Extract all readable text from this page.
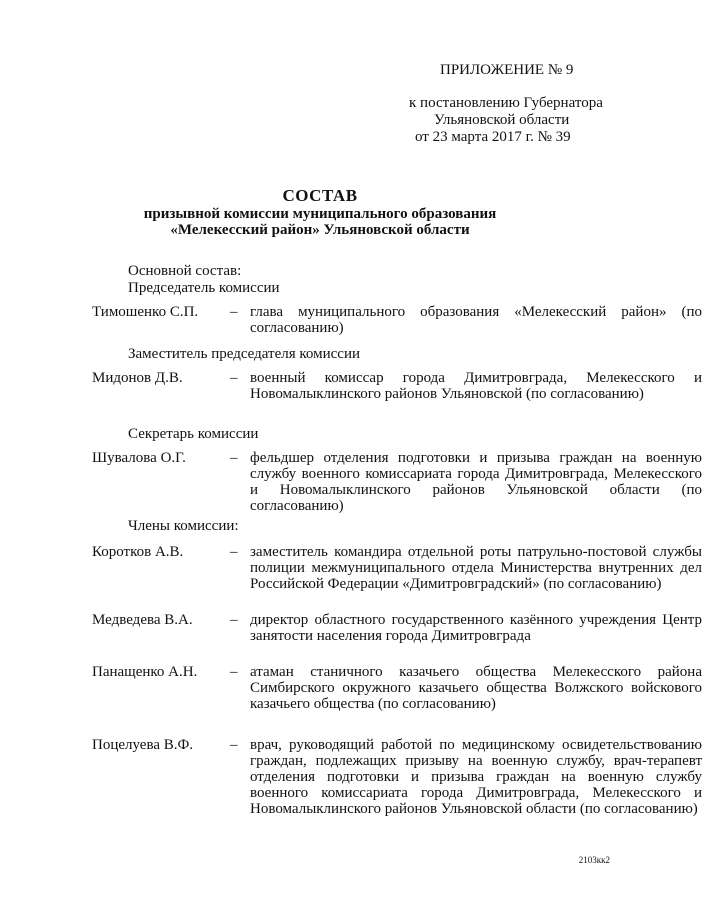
ПРИЛОЖЕНИЕ № 9
к постановлению Губернатора
Ульяновской области
от 23 марта 2017 г. № 39
СОСТАВ
призывной комиссии муниципального образования
«Мелекесский район» Ульяновской области
Основной состав:
Председатель комиссии
Тимошенко С.П. – глава муниципального образования «Мелекесский район» (по согласованию)
Заместитель председателя комиссии
Мидонов Д.В.	– военный комиссар города Димитровграда, Мелекесского и Новомалыклинского районов Ульяновской (по согласованию)
Секретарь комиссии
Шувалова О.Г.	– фельдшер отделения подготовки и призыва граждан на военную службу военного комиссариата города Димитровграда, Мелекесского и Новомалыклинского районов Ульяновской области (по согласованию)
Члены комиссии:
Коротков А.В.	– заместитель командира отдельной роты патрульно-постовой службы полиции межмуниципального отдела Министерства внутренних дел Российской Федерации «Димитровградский» (по согласованию)
Медведева В.А. – директор областного государственного казённого учреждения Центр занятости населения города Димитровграда
Панащенко А.Н. – атаман станичного казачьего общества Мелекесского района Симбирского окружного казачьего общества Волжского войскового казачьего общества (по согласованию)
Поцелуева В.Ф. – врач, руководящий работой по медицинскому освидетельствованию граждан, подлежащих призыву на военную службу, врач-терапевт отделения подготовки и призыва граждан на военную службу военного комиссариата города Димитровграда, Мелекесского и Новомалыклинского районов Ульяновской области (по согласованию)
2103кк2
